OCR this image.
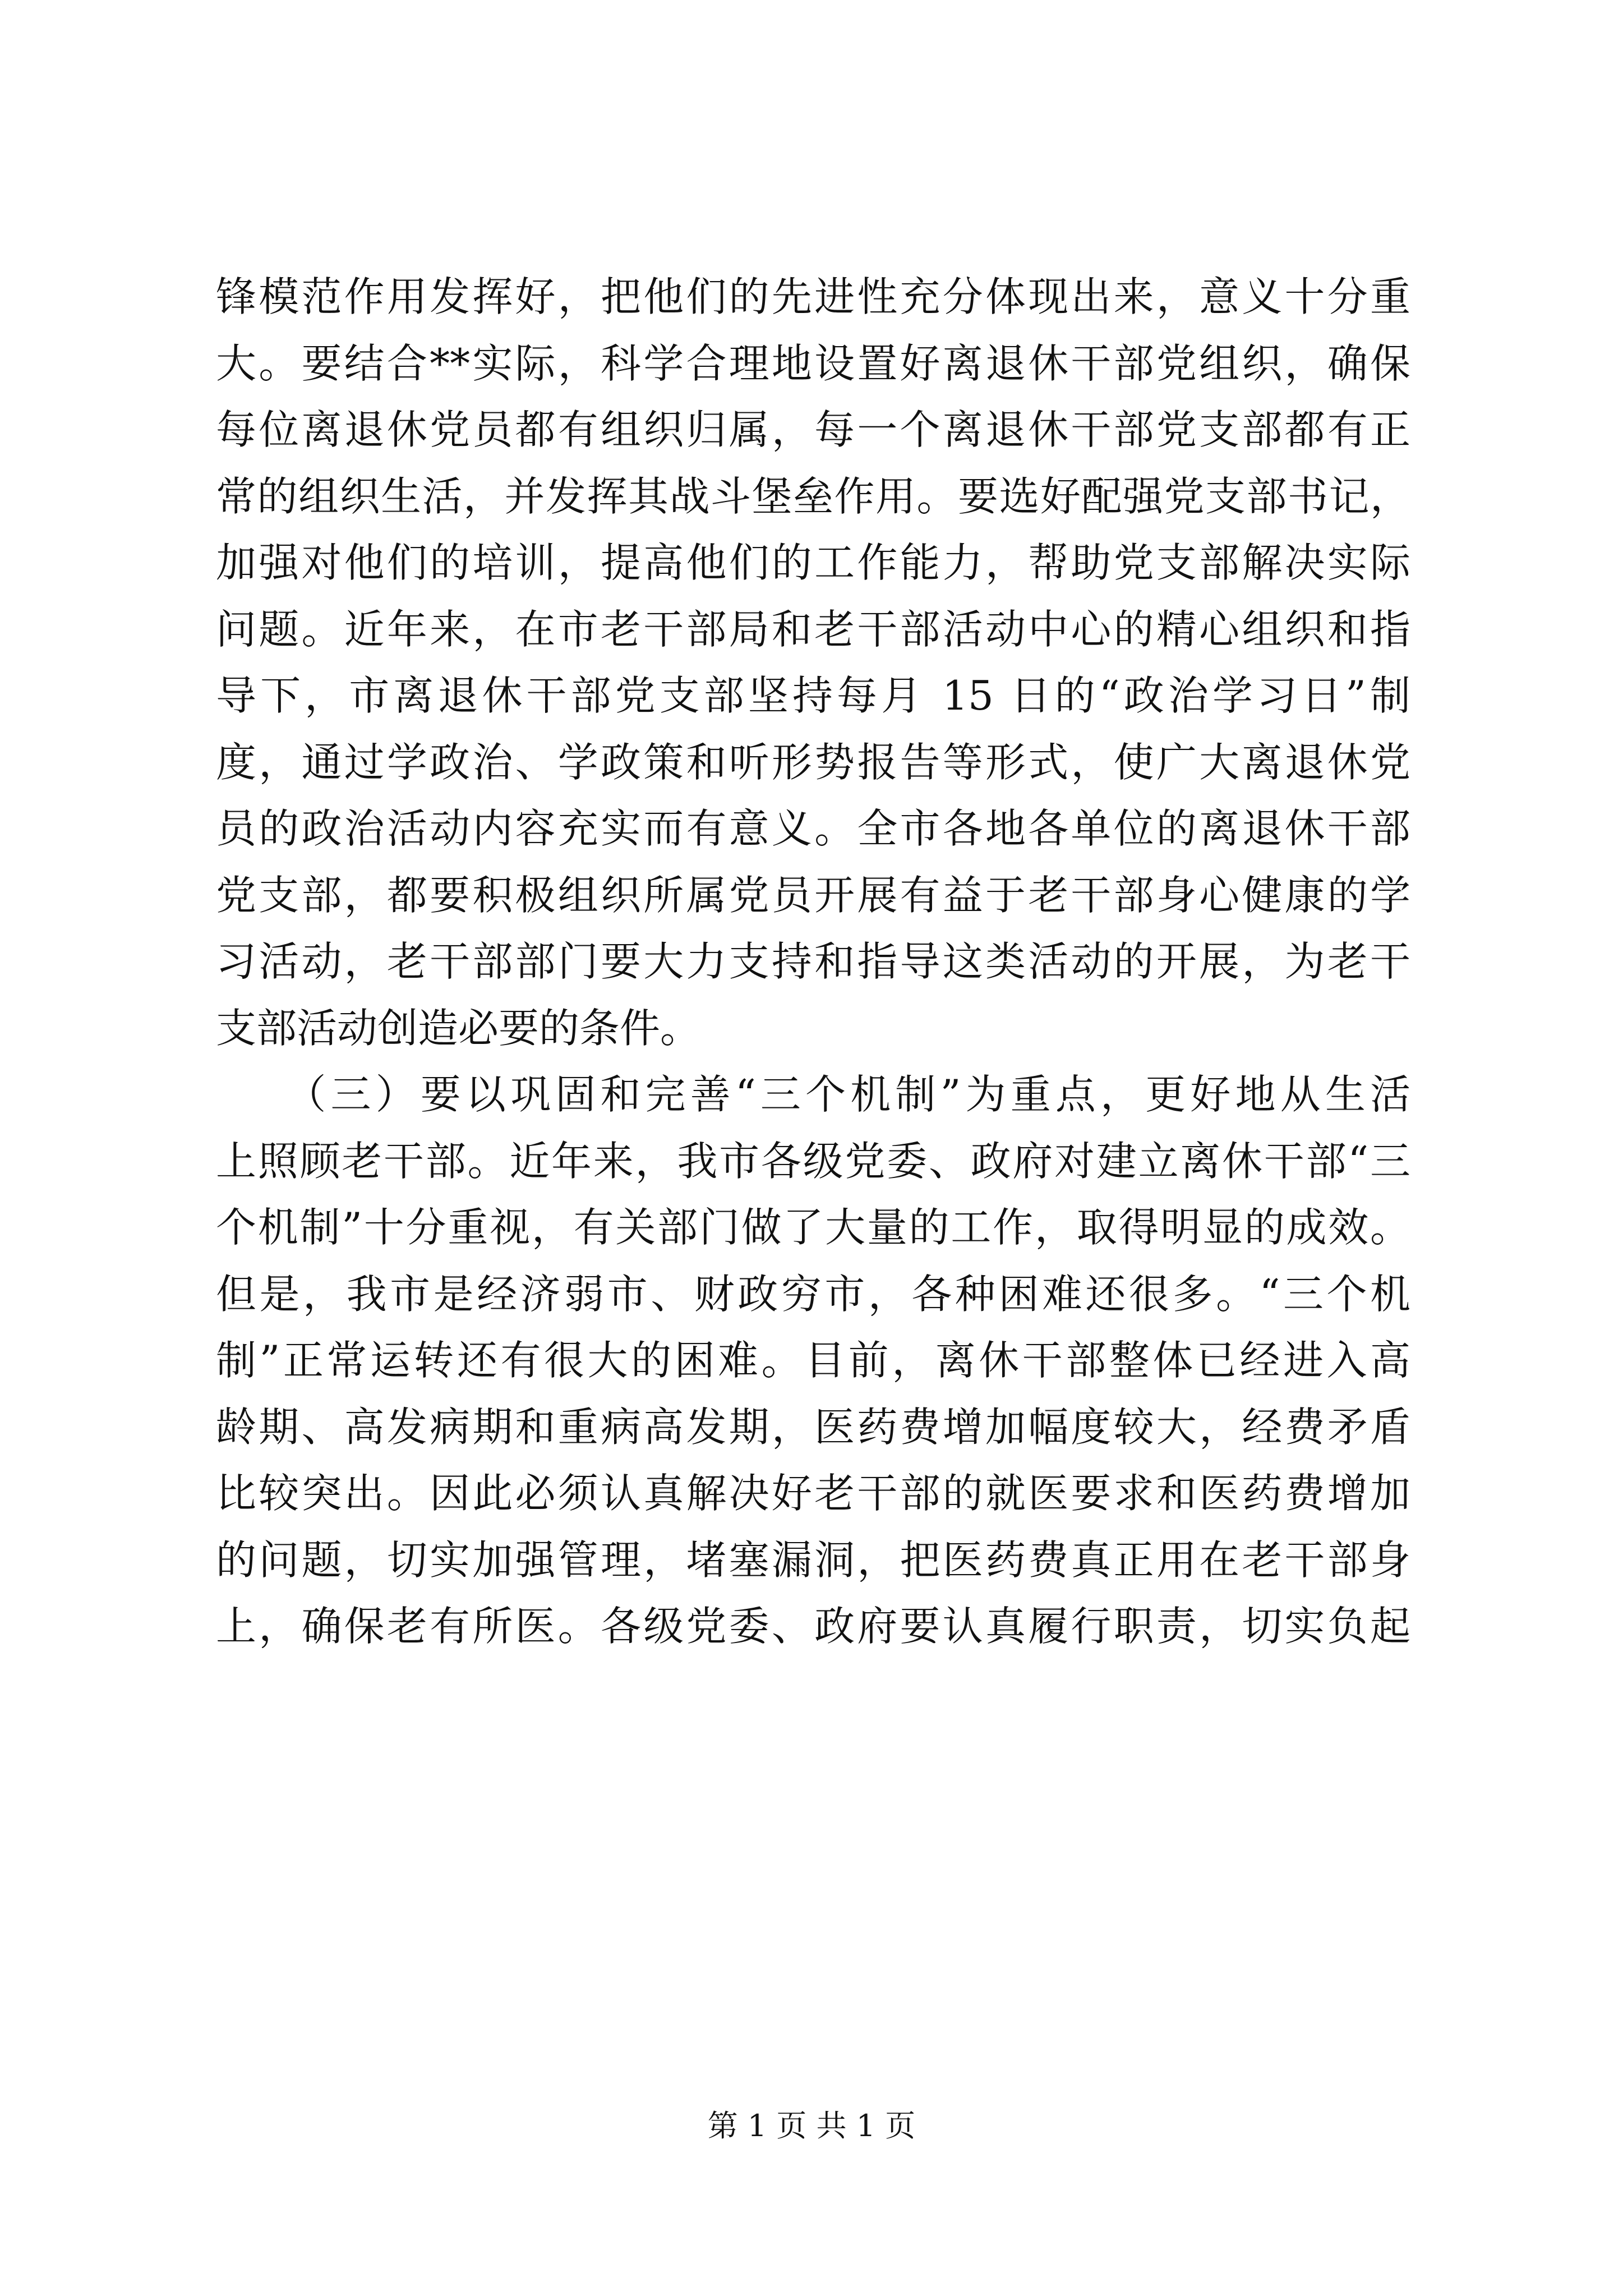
锋模范作用发挥好，把他们的先进性充分体现出来，意义十分重
大。要结合**实际，科学合理地设置好离退休干部党组织，确保
每位离退休党员都有组织归属，每一个离退休干部党支部都有正
常的组织生活，并发挥其战斗堡垒作用。要选好配强党支部书记，
加强对他们的培训，提高他们的工作能力，帮助党支部解决实际
问题。近年来，在市老干部局和老干部活动中心的精心组织和指
导下，市离退休干部党支部坚持每月 15 日的“政治学习日”制
度，通过学政治、学政策和听形势报告等形式，使广大离退休党
员的政治活动内容充实而有意义。全市各地各单位的离退休干部
党支部，都要积极组织所属党员开展有益于老干部身心健康的学
习活动，老干部部门要大力支持和指导这类活动的开展，为老干
支部活动创造必要的条件。
　　（三）要以巩固和完善“三个机制”为重点，更好地从生活
上照顾老干部。近年来，我市各级党委、政府对建立离休干部“三
个机制”十分重视，有关部门做了大量的工作，取得明显的成效。
但是，我市是经济弱市、财政穷市，各种困难还很多。“三个机
制”正常运转还有很大的困难。目前，离休干部整体已经进入高
龄期、高发病期和重病高发期，医药费增加幅度较大，经费矛盾
比较突出。因此必须认真解决好老干部的就医要求和医药费增加
的问题，切实加强管理，堵塞漏洞，把医药费真正用在老干部身
上，确保老有所医。各级党委、政府要认真履行职责，切实负起
第 1 页 共 1 页
